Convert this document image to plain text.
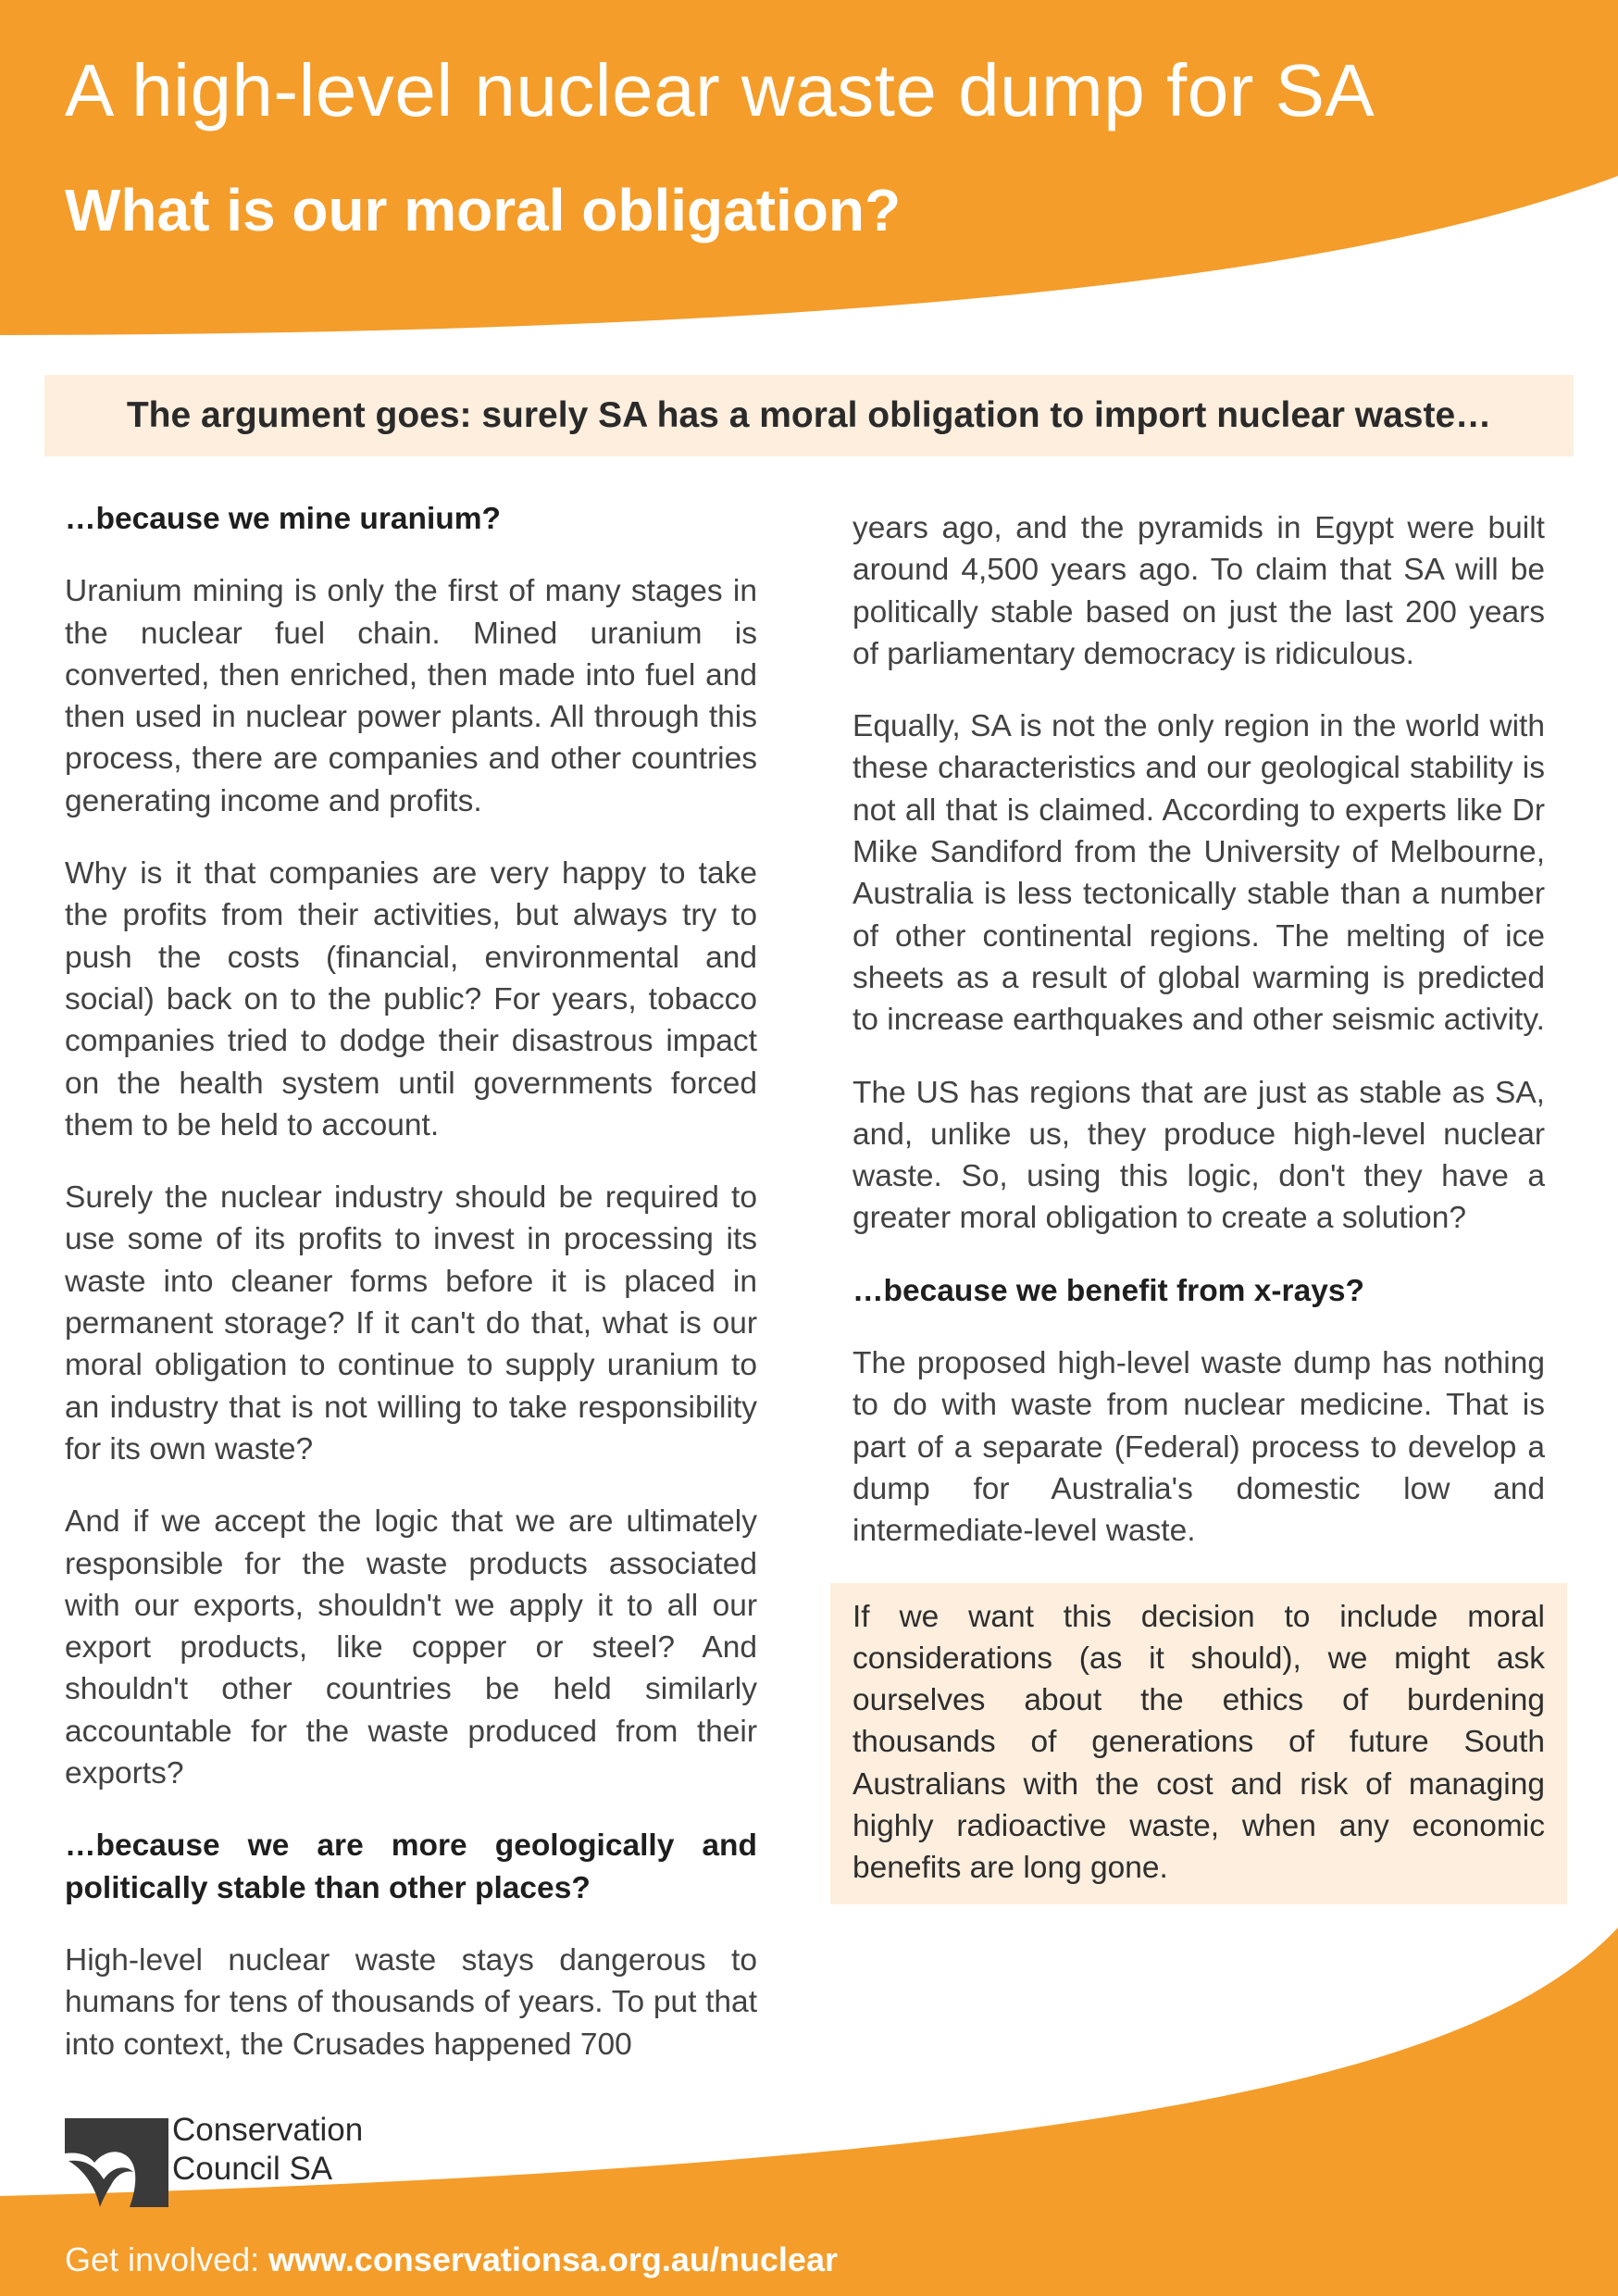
A high-level nuclear waste dump for SA
What is our moral obligation?
The argument goes: surely SA has a moral obligation to import nuclear waste…
…because we mine uranium?

Uranium mining is only the first of many stages in the nuclear fuel chain. Mined uranium is converted, then enriched, then made into fuel and then used in nuclear power plants. All through this process, there are companies and other countries generating income and profits.

Why is it that companies are very happy to take the profits from their activities, but always try to push the costs (financial, environmental and social) back on to the public? For years, tobacco companies tried to dodge their disastrous impact on the health system until governments forced them to be held to account.

Surely the nuclear industry should be required to use some of its profits to invest in processing its waste into cleaner forms before it is placed in permanent storage? If it can't do that, what is our moral obligation to continue to supply uranium to an industry that is not willing to take responsibility for its own waste?

And if we accept the logic that we are ultimately responsible for the waste products associated with our exports, shouldn't we apply it to all our export products, like copper or steel? And shouldn't other countries be held similarly accountable for the waste produced from their exports?

…because we are more geologically and politically stable than other places?

High-level nuclear waste stays dangerous to humans for tens of thousands of years. To put that into context, the Crusades happened 700

years ago, and the pyramids in Egypt were built around 4,500 years ago. To claim that SA will be politically stable based on just the last 200 years of parliamentary democracy is ridiculous.

Equally, SA is not the only region in the world with these characteristics and our geological stability is not all that is claimed. According to experts like Dr Mike Sandiford from the University of Melbourne, Australia is less tectonically stable than a number of other continental regions. The melting of ice sheets as a result of global warming is predicted to increase earthquakes and other seismic activity.

The US has regions that are just as stable as SA, and, unlike us, they produce high-level nuclear waste. So, using this logic, don't they have a greater moral obligation to create a solution?

…because we benefit from x-rays?

The proposed high-level waste dump has nothing to do with waste from nuclear medicine. That is part of a separate (Federal) process to develop a dump for Australia's domestic low and intermediate-level waste.

If we want this decision to include moral considerations (as it should), we might ask ourselves about the ethics of burdening thousands of generations of future South Australians with the cost and risk of managing highly radioactive waste, when any economic benefits are long gone.

Conservation
Council SA
Get involved: www.conservationsa.org.au/nuclear
